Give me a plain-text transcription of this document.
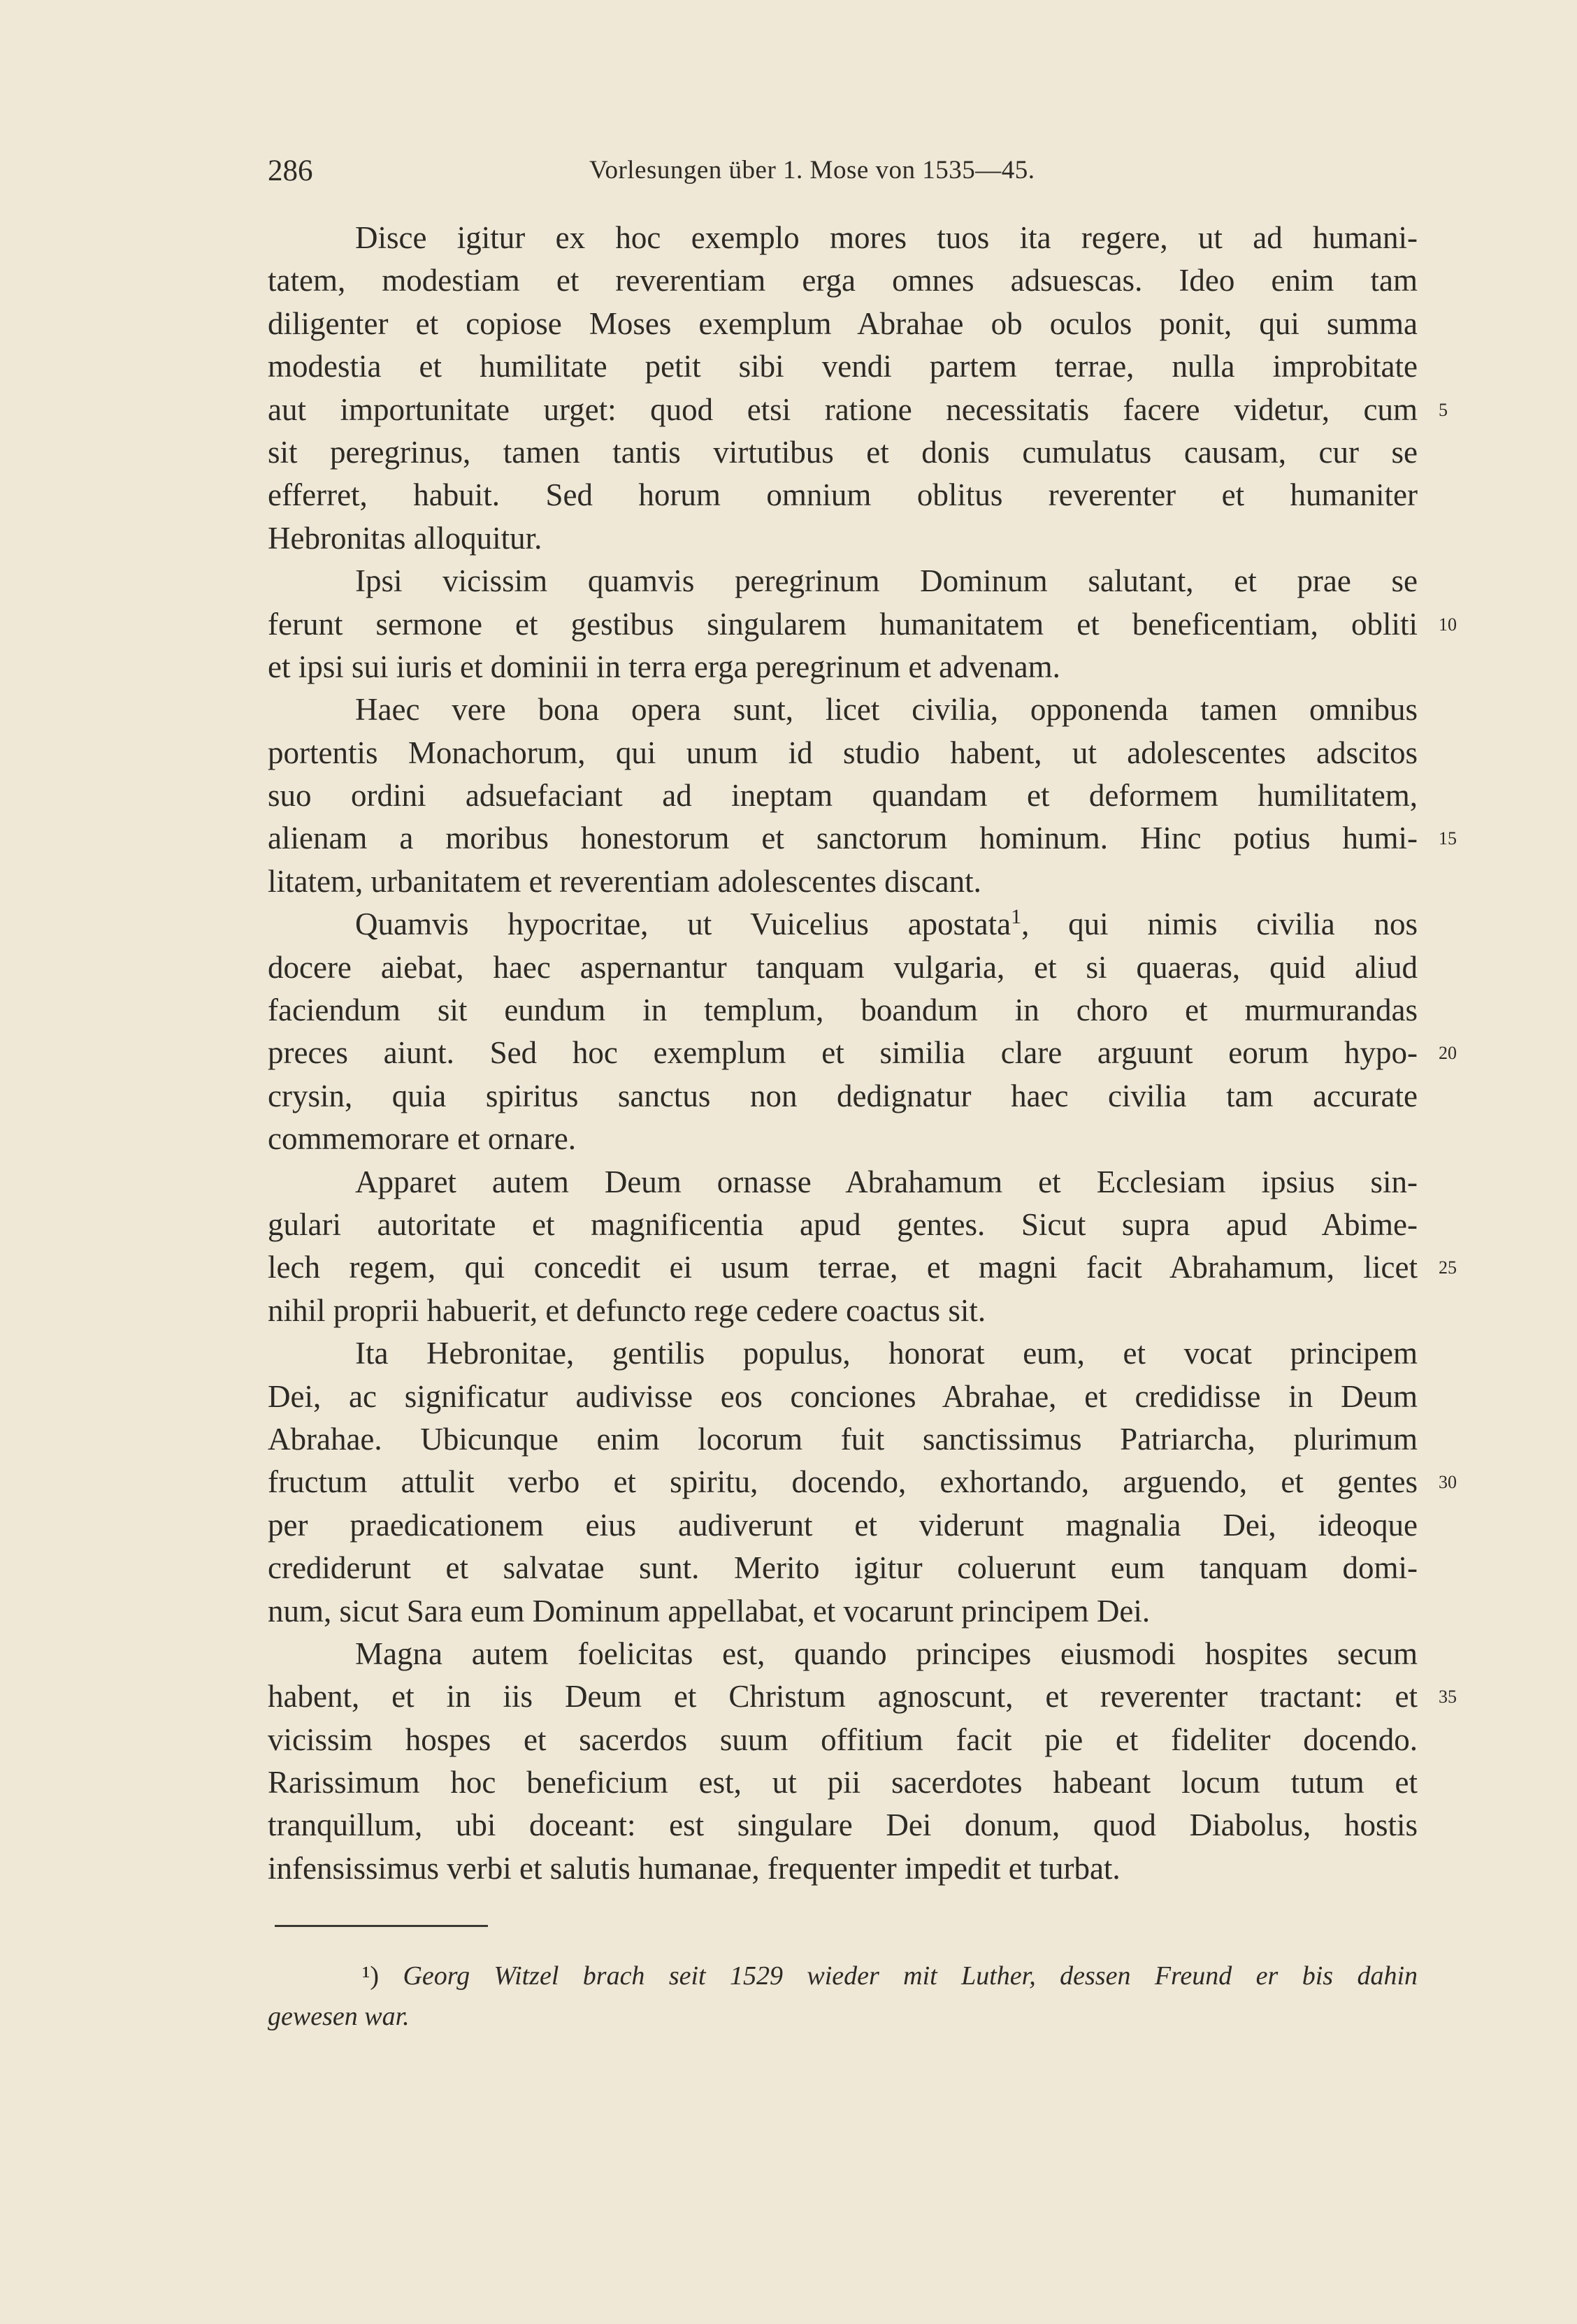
286	Vorlesungen über 1. Mose von 1535—45.
Disce igitur ex hoc exemplo mores tuos ita regere, ut ad humani-
tatem, modestiam et reverentiam erga omnes adsuescas. Ideo enim tam
diligenter et copiose Moses exemplum Abrahae ob oculos ponit, qui summa
modestia et humilitate petit sibi vendi partem terrae, nulla improbitate
aut importunitate urget: quod etsi ratione necessitatis facere videtur, cum 5
sit peregrinus, tamen tantis virtutibus et donis cumulatus causam, cur se
efferret, habuit. Sed horum omnium oblitus reverenter et humaniter
Hebronitas alloquitur.
Ipsi vicissim quamvis peregrinum Dominum salutant, et prae se
ferunt sermone et gestibus singularem humanitatem et beneficentiam, obliti 10
et ipsi sui iuris et dominii in terra erga peregrinum et advenam.
Haec vere bona opera sunt, licet civilia, opponenda tamen omnibus
portentis Monachorum, qui unum id studio habent, ut adolescentes adscitos
suo ordini adsuefaciant ad ineptam quandam et deformem humilitatem,
alienam a moribus honestorum et sanctorum hominum. Hinc potius humi- 15
litatem, urbanitatem et reverentiam adolescentes discant.
Quamvis hypocritae, ut Vuicelius apostata$^1$, qui nimis civilia nos
docere aiebat, haec aspernantur tanquam vulgaria, et si quaeras, quid aliud
faciendum sit eundum in templum, boandum in choro et murmurandas
preces aiunt. Sed hoc exemplum et similia clare arguunt eorum hypo- 20
crysin, quia spiritus sanctus non dedignatur haec civilia tam accurate
commemorare et ornare.
Apparet autem Deum ornasse Abrahamum et Ecclesiam ipsius sin-
gulari autoritate et magnificentia apud gentes. Sicut supra apud Abime-
lech regem, qui concedit ei usum terrae, et magni facit Abrahamum, licet 25
nihil proprii habuerit, et defuncto rege cedere coactus sit.
Ita Hebronitae, gentilis populus, honorat eum, et vocat principem
Dei, ac significatur audivisse eos conciones Abrahae, et credidisse in Deum
Abrahae. Ubicunque enim locorum fuit sanctissimus Patriarcha, plurimum
fructum attulit verbo et spiritu, docendo, exhortando, arguendo, et gentes 30
per praedicationem eius audiverunt et viderunt magnalia Dei, ideoque
crediderunt et salvatae sunt. Merito igitur coluerunt eum tanquam domi-
num, sicut Sara eum Dominum appellabat, et vocarunt principem Dei.
Magna autem foelicitas est, quando principes eiusmodi hospites secum
habent, et in iis Deum et Christum agnoscunt, et reverenter tractant: et 35
vicissim hospes et sacerdos suum offitium facit pie et fideliter docendo.
Rarissimum hoc beneficium est, ut pii sacerdotes habeant locum tutum et
tranquillum, ubi doceant: est singulare Dei donum, quod Diabolus, hostis
infensissimus verbi et salutis humanae, frequenter impedit et turbat.
¹) Georg Witzel brach seit 1529 wieder mit Luther, dessen Freund er bis dahin
gewesen war.
